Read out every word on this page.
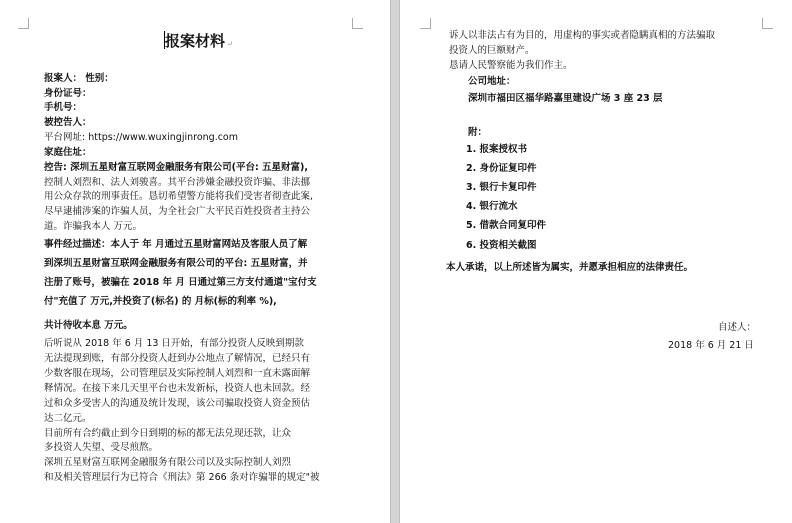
报案材料 ↵
报案人： 性别：
身份证号：
手机号：
被控告人：
平台网址: https://www.wuxingjinrong.com
家庭住址：
控告: 深圳五星财富互联网金融服务有限公司(平台: 五星财富),
控制人刘烈和、法人刘骏喜。其平台涉嫌金融投资诈骗、非法挪
用公众存款的刑事责任。恳切希望警方能将我们受害者彻查此案,
尽早逮捕涉案的诈骗人员，为全社会广大平民百姓投资者主持公
道。诈骗我本人 万元。
事件经过描述：本人于 年 月通过五星财富网站及客服人员了解
到深圳五星财富互联网金融服务有限公司的平台: 五星财富，并
注册了账号，被骗在 2018 年 月 日通过第三方支付通道"宝付支
付"充值了 万元,并投资了(标名) 的 月标(标的利率 %),
共计待收本息 万元。
后听说从 2018 年 6 月 13 日开始，有部分投资人反映到期款
无法提现到账，有部分投资人赶到办公地点了解情况，已经只有
少数客服在现场，公司管理层及实际控制人刘烈和一直未露面解
释情况。在接下来几天里平台也未发新标，投资人也未回款。经
过和众多受害人的沟通及统计发现，该公司骗取投资人资金预估
达二亿元。
目前所有合约截止到今日到期的标的都无法兑现还款，让众
多投资人失望、受尽煎熬。
深圳五星财富互联网金融服务有限公司以及实际控制人刘烈
和及相关管理层行为已符合《刑法》第 266 条对诈骗罪的规定"被
诉人以非法占有为目的，用虚构的事实或者隐瞒真相的方法骗取
投资人的巨额财产。
恳请人民警察能为我们作主。
公司地址：
深圳市福田区福华路嘉里建设广场 3 座 23 层
附：
1. 报案授权书
2. 身份证复印件
3. 银行卡复印件
4. 银行流水
5. 借款合同复印件
6. 投资相关截图
本人承诺，以上所述皆为属实，并愿承担相应的法律责任。
自述人：
2018 年 6 月 21 日
